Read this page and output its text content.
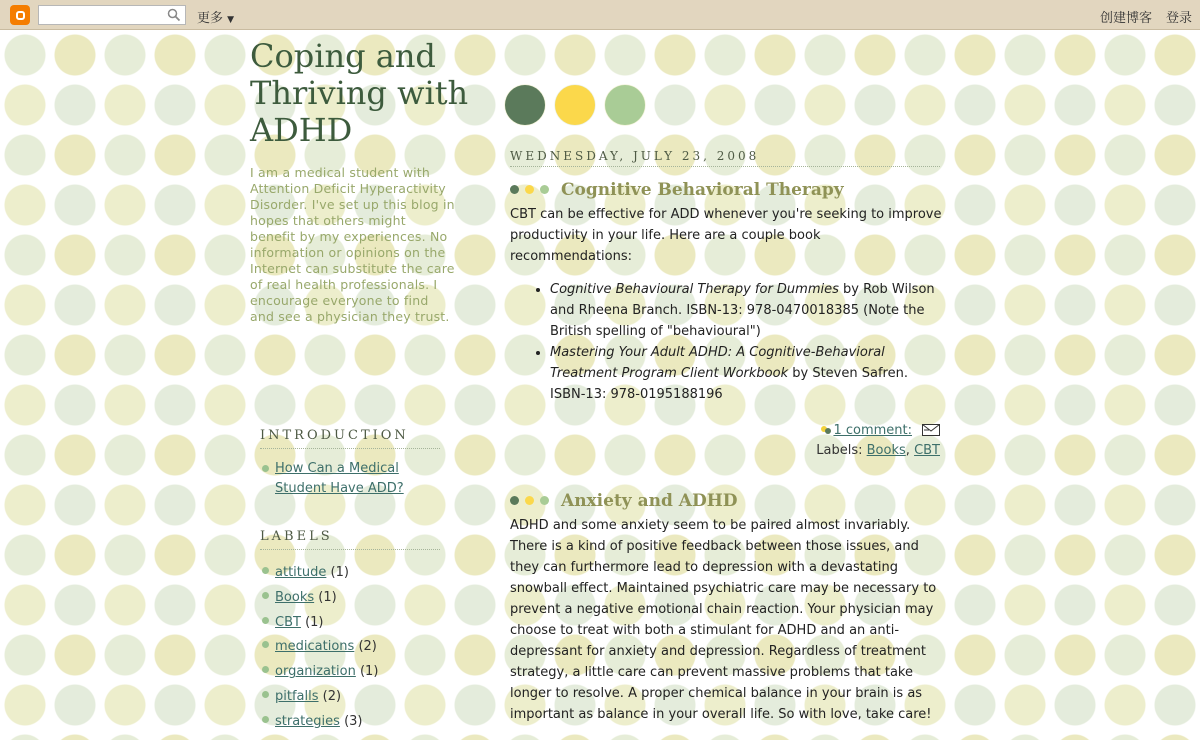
更多 ▼	创建博客 登录
Coping and Thriving with ADHD

I am a medical student with Attention Deficit Hyperactivity Disorder. I've set up this blog in hopes that others might benefit by my experiences. No information or opinions on the Internet can substitute the care of real health professionals. I encourage everyone to find and see a physician they trust.

INTRODUCTION
How Can a Medical Student Have ADD?
LABELS
attitude (1)
Books (1)
CBT (1)
medications (2)
organization (1)
pitfalls (2)
strategies (3)
WEDNESDAY, JULY 23, 2008
Cognitive Behavioral Therapy
CBT can be effective for ADD whenever you're seeking to improve productivity in your life. Here are a couple book recommendations:
• Cognitive Behavioural Therapy for Dummies by Rob Wilson and Rheena Branch. ISBN-13: 978-0470018385 (Note the British spelling of "behavioural")
• Mastering Your Adult ADHD: A Cognitive-Behavioral Treatment Program Client Workbook by Steven Safren. ISBN-13: 978-0195188196
1 comment:
Labels: Books, CBT
Anxiety and ADHD
ADHD and some anxiety seem to be paired almost invariably. There is a kind of positive feedback between those issues, and they can furthermore lead to depression with a devastating snowball effect. Maintained psychiatric care may be necessary to prevent a negative emotional chain reaction. Your physician may choose to treat with both a stimulant for ADHD and an anti-depressant for anxiety and depression. Regardless of treatment strategy, a little care can prevent massive problems that take longer to resolve. A proper chemical balance in your brain is as important as balance in your overall life. So with love, take care!
